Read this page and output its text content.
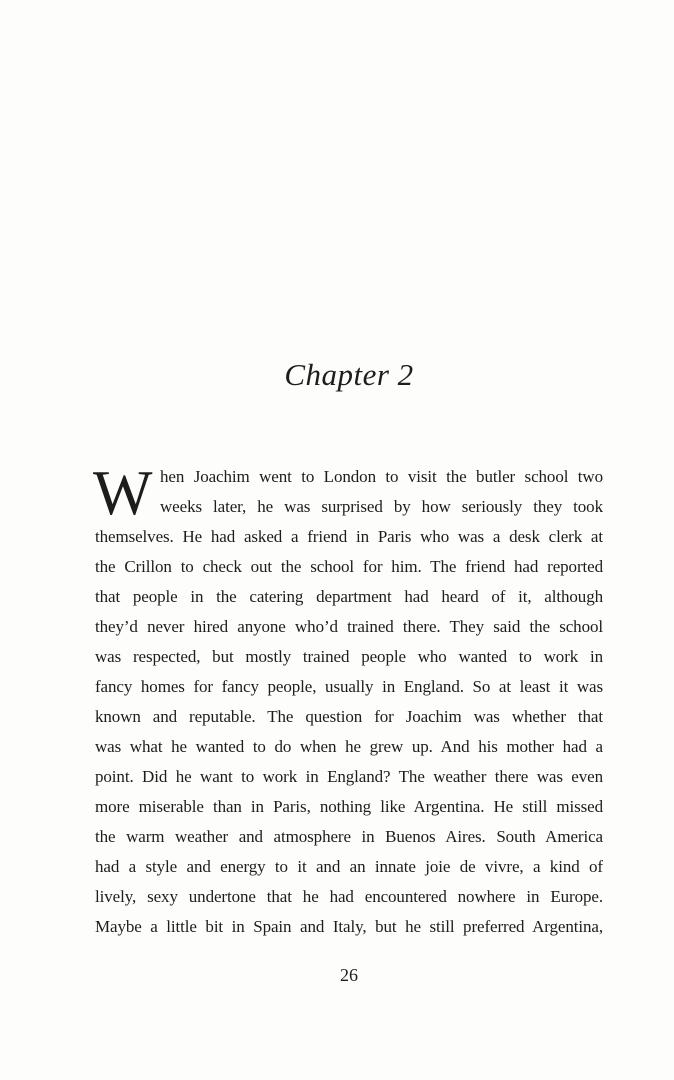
Chapter 2
W hen Joachim went to London to visit the butler school two
weeks later, he was surprised by how seriously they took
themselves. He had asked a friend in Paris who was a desk clerk at
the Crillon to check out the school for him. The friend had reported
that people in the catering department had heard of it, although
they’d never hired anyone who’d trained there. They said the school
was respected, but mostly trained people who wanted to work in
fancy homes for fancy people, usually in England. So at least it was
known and reputable. The question for Joachim was whether that
was what he wanted to do when he grew up. And his mother had a
point. Did he want to work in England? The weather there was even
more miserable than in Paris, nothing like Argentina. He still missed
the warm weather and atmosphere in Buenos Aires. South America
had a style and energy to it and an innate joie de vivre, a kind of
lively, sexy undertone that he had encountered nowhere in Europe.
Maybe a little bit in Spain and Italy, but he still preferred Argentina,
26
